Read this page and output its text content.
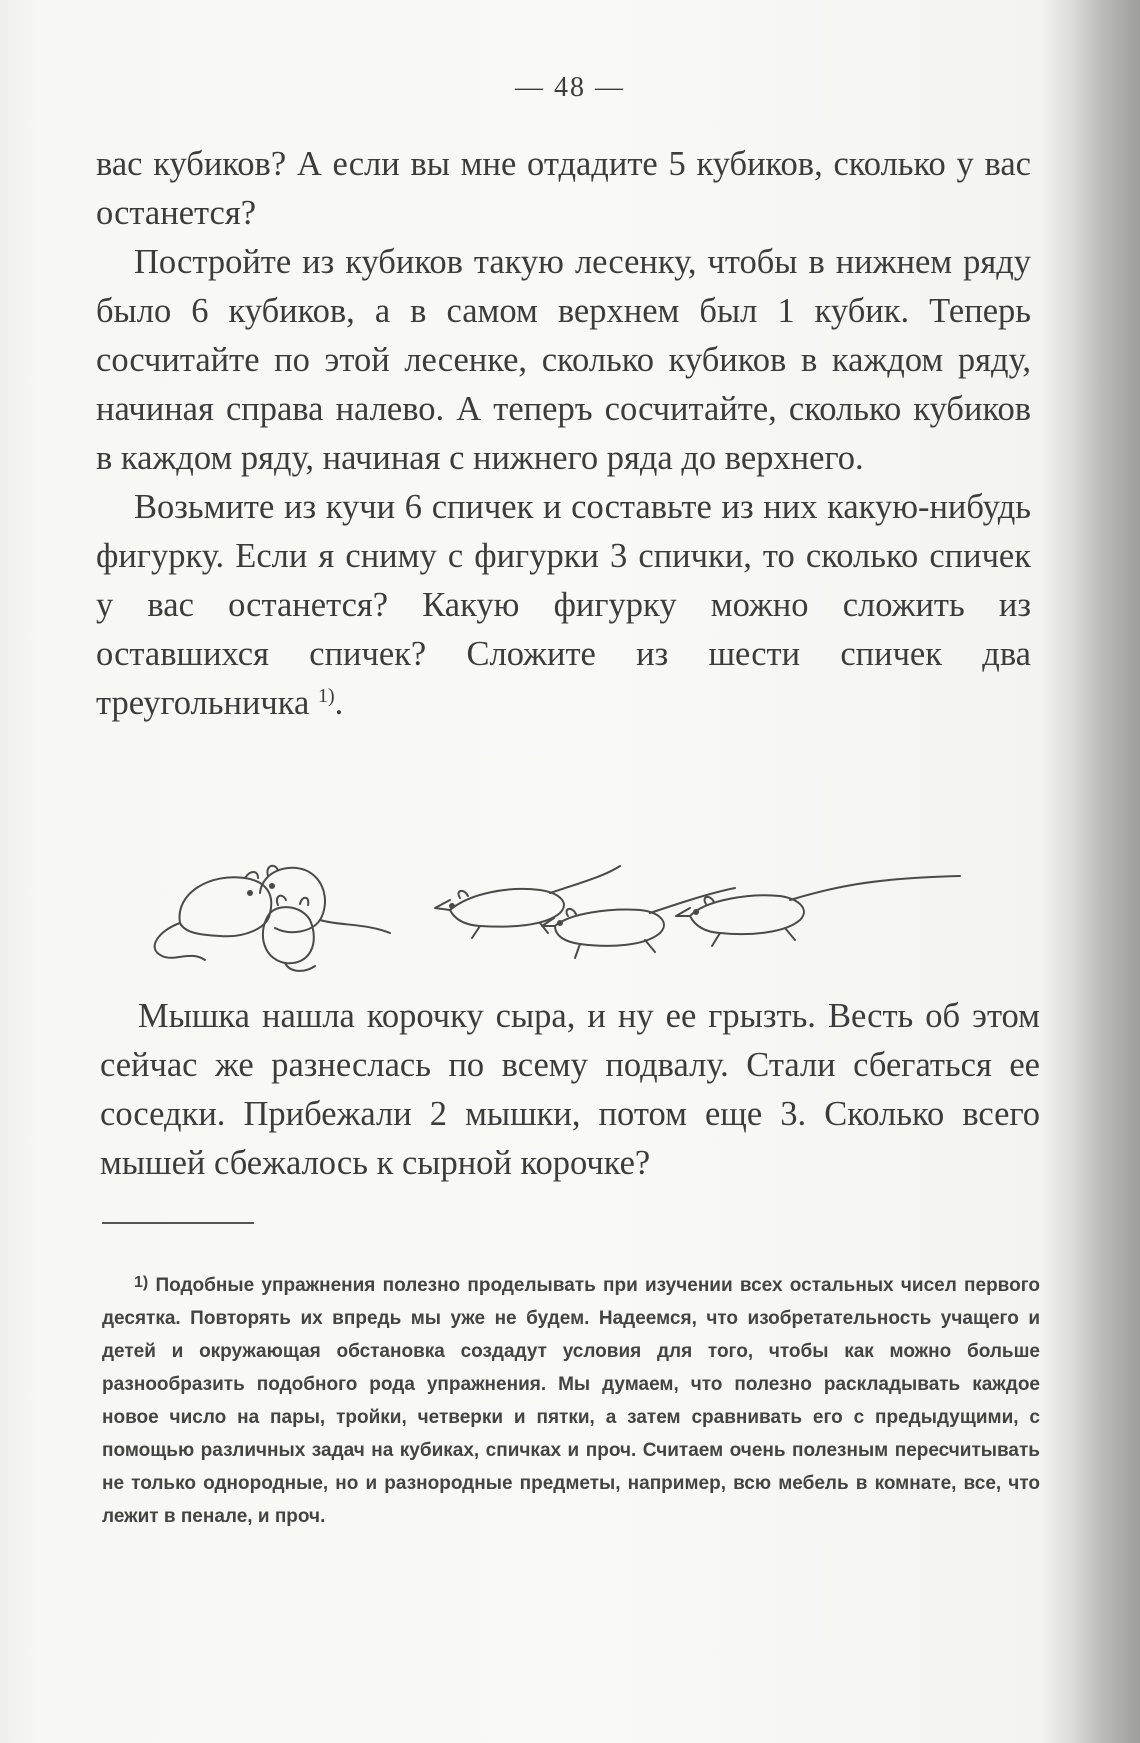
— 48 —

вас кубиков? А если вы мне отдадите 5 кубиков, сколько у вас останется?

Постройте из кубиков такую лесенку, чтобы в нижнем ряду было 6 кубиков, а в самом верхнем был 1 кубик. Теперь сосчитайте по этой лесенке, сколько кубиков в каждом ряду, начиная справа налево. А теперъ сосчитайте, сколько кубиков в каждом ряду, начиная с нижнего ряда до верхнего.

Возьмите из кучи 6 спичек и составьте из них какую-нибудь фигурку. Если я сниму с фигурки 3 спички, то сколько спичек у вас останется? Какую фигурку можно сложить из оставшихся спичек? Сложите из шести спичек два треугольничка $^{1)}$.

Мышка нашла корочку сыра, и ну ее грызть. Весть об этом сейчас же разнеслась по всему подвалу. Стали сбегаться ее соседки. Прибежали 2 мышки, потом еще 3. Сколько всего мышей сбежалось к сырной корочке?

$^{1)}$ Подобные упражнения полезно проделывать при изучении всех остальных чисел первого десятка. Повторять их впредь мы уже не будем. Надеемся, что изобретательность учащего и детей и окружающая обстановка создадут условия для того, чтобы как можно больше разнообразить подобного рода упражнения. Мы думаем, что полезно раскладывать каждое новое число на пары, тройки, четверки и пятки, а затем сравнивать его с предыдущими, с помощью различных задач на кубиках, спичках и проч. Считаем очень полезным пересчитывать не только однородные, но и разнородные предметы, например, всю мебель в комнате, все, что лежит в пенале, и проч.
